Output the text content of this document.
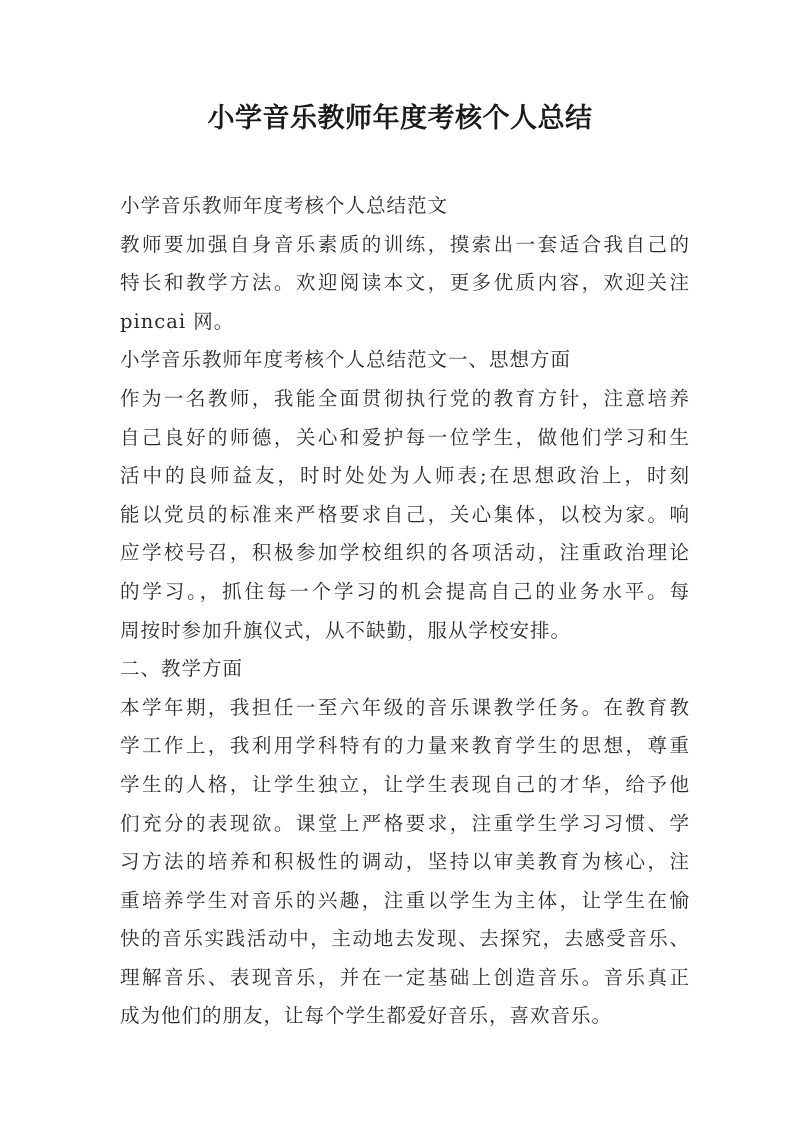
小学音乐教师年度考核个人总结

小学音乐教师年度考核个人总结范文

教师要加强自身音乐素质的训练，摸索出一套适合我自己的

特长和教学方法。欢迎阅读本文，更多优质内容，欢迎关注

pincai 网。

小学音乐教师年度考核个人总结范文一、思想方面

作为一名教师，我能全面贯彻执行党的教育方针，注意培养

自己良好的师德，关心和爱护每一位学生，做他们学习和生

活中的良师益友，时时处处为人师表;在思想政治上，时刻

能以党员的标准来严格要求自己，关心集体，以校为家。响

应学校号召，积极参加学校组织的各项活动，注重政治理论

的学习。，抓住每一个学习的机会提高自己的业务水平。每

周按时参加升旗仪式，从不缺勤，服从学校安排。

二、教学方面

本学年期，我担任一至六年级的音乐课教学任务。在教育教

学工作上，我利用学科特有的力量来教育学生的思想，尊重

学生的人格，让学生独立，让学生表现自己的才华，给予他

们充分的表现欲。课堂上严格要求，注重学生学习习惯、学

习方法的培养和积极性的调动，坚持以审美教育为核心，注

重培养学生对音乐的兴趣，注重以学生为主体，让学生在愉

快的音乐实践活动中，主动地去发现、去探究，去感受音乐、

理解音乐、表现音乐，并在一定基础上创造音乐。音乐真正

成为他们的朋友，让每个学生都爱好音乐，喜欢音乐。
